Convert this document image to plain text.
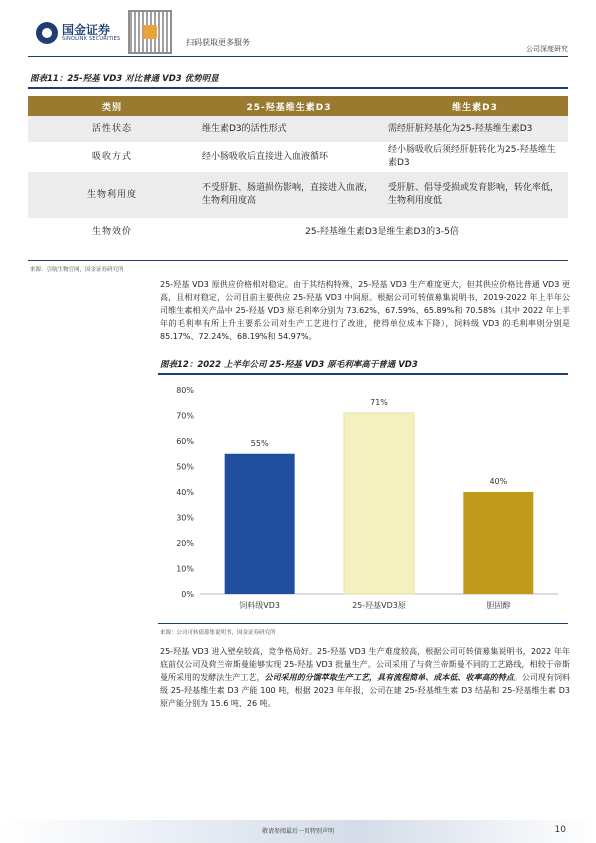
国金证券
SINOLINK SECURITIES	扫码获取更多服务
公司深度研究
图表11：25-羟基 VD3 对比普通 VD3 优势明显
类别	25-羟基维生素D3	维生素D3
活性状态	维生素D3的活性形式	需经肝脏羟基化为25-羟基维生素D3
吸收方式	经小肠吸收后直接进入血液循环	经小肠吸收后须经肝脏转化为25-羟基维生素D3
生物利用度	不受肝脏、肠道损伤影响，直接进入血液，生物利用度高	受肝脏、倡导受损或发育影响，转化率低，生物利用度低
生物效价	25-羟基维生素D3是维生素D3的3-5倍	
来源：引航生物官网，国金证券研究所
25-羟基 VD3 原供应价格相对稳定。由于其结构特殊，25-羟基 VD3 生产难度更大，但其供应价格比普通 VD3 更高，且相对稳定，公司目前主要供应 25-羟基 VD3 中间原。根据公司可转债募集说明书，2019-2022 年上半年公司维生素相关产品中 25-羟基 VD3 原毛利率分别为 73.62%、67.59%、65.89%和 70.58%（其中 2022 年上半年的毛利率有所上升主要系公司对生产工艺进行了改进，使得单位成本下降），饲料级 VD3 的毛利率则分别是 85.17%、72.24%、68.19%和 54.97%。
图表12：2022 上半年公司 25-羟基 VD3 原毛利率高于普通 VD3
0%
10%
20%
30%
40%
50%
60%
70%
80%
55%
饲料级VD3
71%
25-羟基VD3原
40%
胆固醇
来源：公司可转债募集说明书，国金证券研究所
25-羟基 VD3 进入壁垒较高，竞争格局好。25-羟基 VD3 生产难度较高，根据公司可转债募集说明书，2022 年年底前仅公司及荷兰帝斯曼能够实现 25-羟基 VD3 批量生产。公司采用了与荷兰帝斯曼不同的工艺路线，相较于帝斯曼所采用的发酵法生产工艺，公司采用的分馏萃取生产工艺，具有流程简单、成本低、收率高的特点。公司现有饲料级 25-羟基维生素 D3 产能 100 吨，根据 2023 年年报，公司在建 25-羟基维生素 D3 结晶和 25-羟基维生素 D3 原产能分别为 15.6 吨、26 吨。
敬请参阅最后一页特别声明	10
